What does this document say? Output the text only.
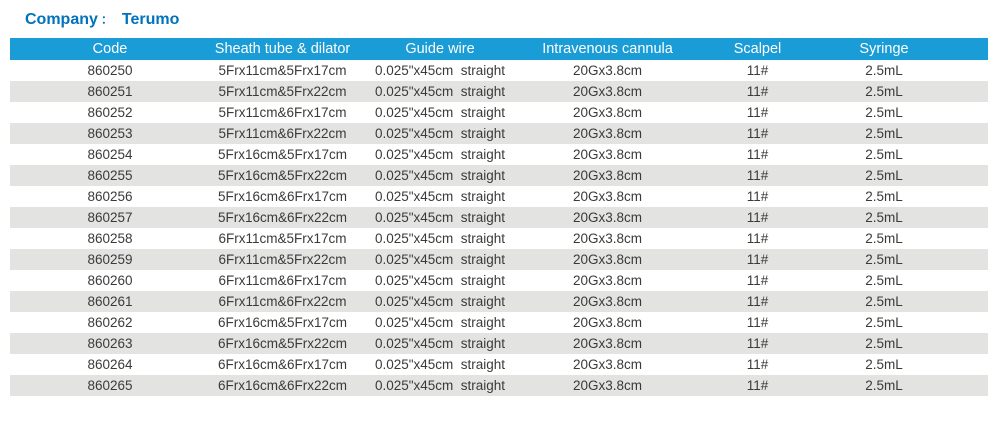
Company ： Terumo
Code	Sheath tube & dilator	Guide wire	Intravenous cannula	Scalpel	Syringe
860250	5Frx11cm&5Frx17cm	0.025"x45cm  straight	20Gx3.8cm	11#	2.5mL
860251	5Frx11cm&5Frx22cm	0.025"x45cm  straight	20Gx3.8cm	11#	2.5mL
860252	5Frx11cm&6Frx17cm	0.025"x45cm  straight	20Gx3.8cm	11#	2.5mL
860253	5Frx11cm&6Frx22cm	0.025"x45cm  straight	20Gx3.8cm	11#	2.5mL
860254	5Frx16cm&5Frx17cm	0.025"x45cm  straight	20Gx3.8cm	11#	2.5mL
860255	5Frx16cm&5Frx22cm	0.025"x45cm  straight	20Gx3.8cm	11#	2.5mL
860256	5Frx16cm&6Frx17cm	0.025"x45cm  straight	20Gx3.8cm	11#	2.5mL
860257	5Frx16cm&6Frx22cm	0.025"x45cm  straight	20Gx3.8cm	11#	2.5mL
860258	6Frx11cm&5Frx17cm	0.025"x45cm  straight	20Gx3.8cm	11#	2.5mL
860259	6Frx11cm&5Frx22cm	0.025"x45cm  straight	20Gx3.8cm	11#	2.5mL
860260	6Frx11cm&6Frx17cm	0.025"x45cm  straight	20Gx3.8cm	11#	2.5mL
860261	6Frx11cm&6Frx22cm	0.025"x45cm  straight	20Gx3.8cm	11#	2.5mL
860262	6Frx16cm&5Frx17cm	0.025"x45cm  straight	20Gx3.8cm	11#	2.5mL
860263	6Frx16cm&5Frx22cm	0.025"x45cm  straight	20Gx3.8cm	11#	2.5mL
860264	6Frx16cm&6Frx17cm	0.025"x45cm  straight	20Gx3.8cm	11#	2.5mL
860265	6Frx16cm&6Frx22cm	0.025"x45cm  straight	20Gx3.8cm	11#	2.5mL
